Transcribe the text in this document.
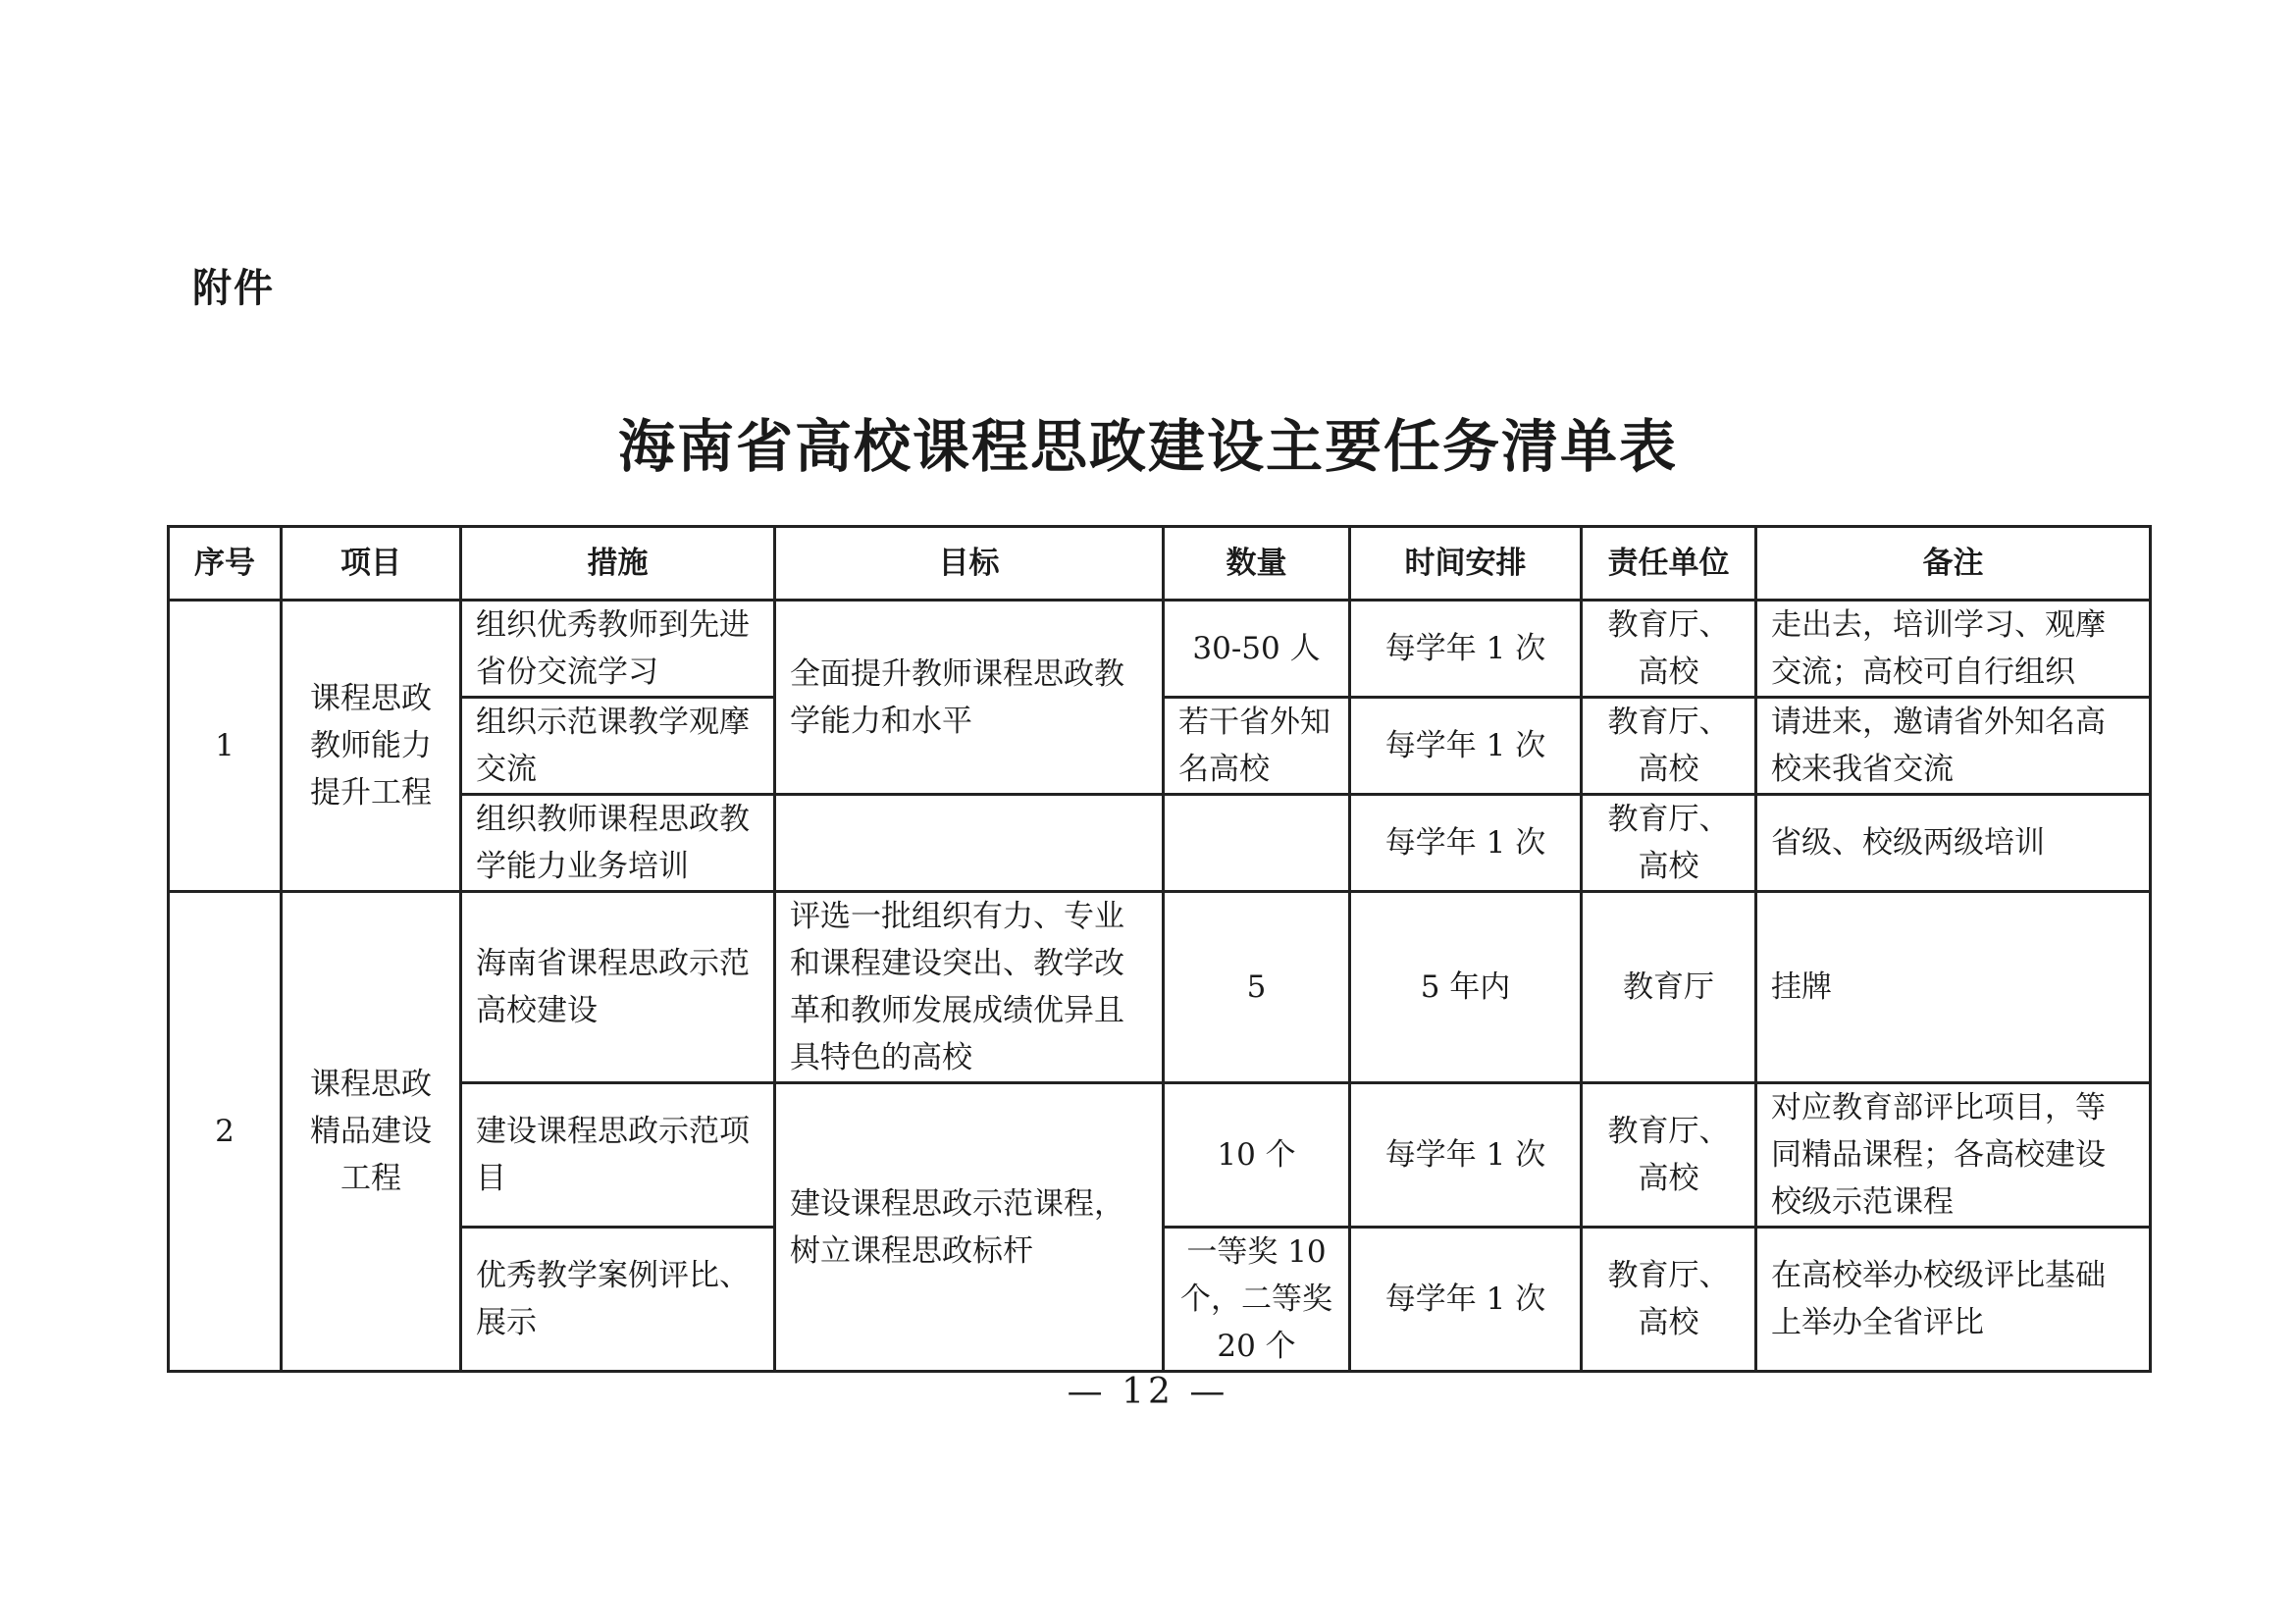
附件
海南省高校课程思政建设主要任务清单表
序号	项目	措施	目标	数量	时间安排	责任单位	备注
1	课程思政教师能力提升工程	组织优秀教师到先进省份交流学习	全面提升教师课程思政教学能力和水平	30-50 人	每学年 1 次	教育厅、高校	走出去，培训学习、观摩交流；高校可自行组织
		组织示范课教学观摩交流		若干省外知名高校	每学年 1 次	教育厅、高校	请进来，邀请省外知名高校来我省交流
		组织教师课程思政教学能力业务培训			每学年 1 次	教育厅、高校	省级、校级两级培训
2	课程思政精品建设工程	海南省课程思政示范高校建设	评选一批组织有力、专业和课程建设突出、教学改革和教师发展成绩优异且具特色的高校	5	5 年内	教育厅	挂牌
		建设课程思政示范项目	建设课程思政示范课程，树立课程思政标杆	10 个	每学年 1 次	教育厅、高校	对应教育部评比项目，等同精品课程；各高校建设校级示范课程
		优秀教学案例评比、展示		一等奖 10 个，二等奖 20 个	每学年 1 次	教育厅、高校	在高校举办校级评比基础上举办全省评比
— 12 —
